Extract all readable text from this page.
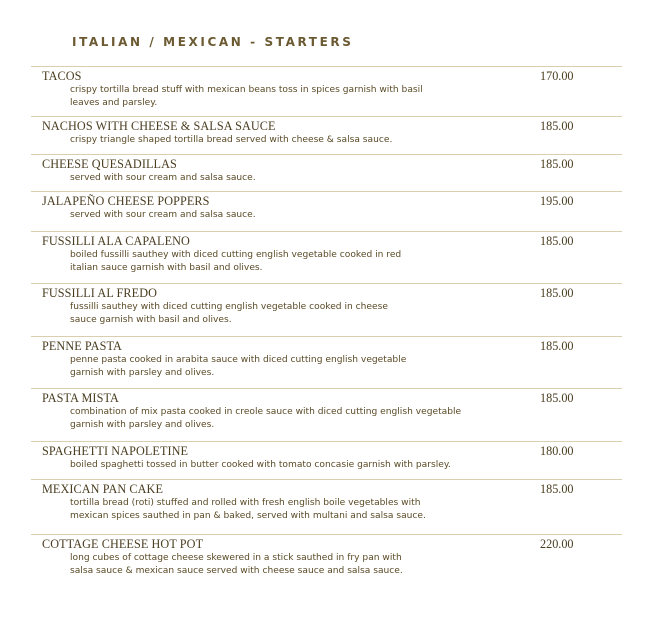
ITALIAN / MEXICAN - STARTERS
TACOS
crispy tortilla bread stuff with mexican beans toss in spices garnish with basil leaves and parsley.
170.00
NACHOS WITH CHEESE & SALSA SAUCE
crispy triangle shaped tortilla bread served with cheese & salsa sauce.
185.00
CHEESE QUESADILLAS
served with sour cream and salsa sauce.
185.00
JALAPEÑO CHEESE POPPERS
served with sour cream and salsa sauce.
195.00
FUSSILLI ALA CAPALENO
boiled fussilli sauthey with diced cutting english vegetable cooked in red italian sauce garnish with basil and olives.
185.00
FUSSILLI AL FREDO
fussilli sauthey with diced cutting english vegetable cooked in cheese sauce garnish with basil and olives.
185.00
PENNE PASTA
penne pasta cooked in arabita sauce with diced cutting english vegetable garnish with parsley and olives.
185.00
PASTA MISTA
combination of mix pasta cooked in creole sauce with diced cutting english vegetable garnish with parsley and olives.
185.00
SPAGHETTI NAPOLETINE
boiled spaghetti tossed in butter cooked with tomato concasie garnish with parsley.
180.00
MEXICAN PAN CAKE
tortilla bread (roti) stuffed and rolled with fresh english boile vegetables with mexican spices sauthed in pan & baked, served with multani and salsa sauce.
185.00
COTTAGE CHEESE HOT POT
long cubes of cottage cheese skewered in a stick sauthed in fry pan with salsa sauce & mexican sauce served with cheese sauce and salsa sauce.
220.00
